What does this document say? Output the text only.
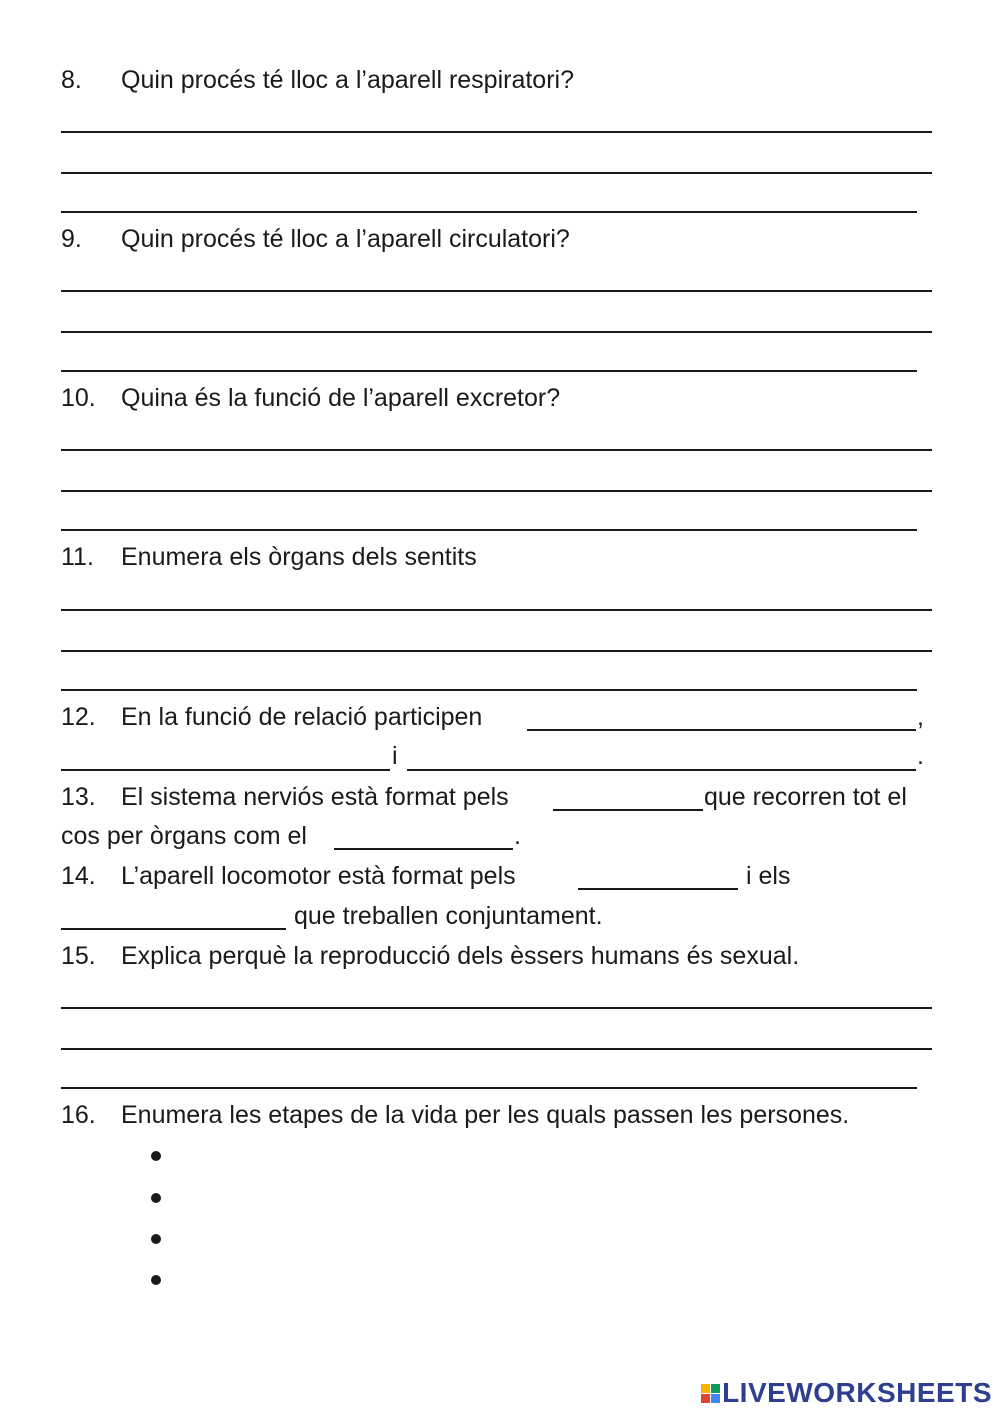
8. Quin procés té lloc a l’aparell respiratori?
9. Quin procés té lloc a l’aparell circulatori?
10. Quina és la funció de l’aparell excretor?
11. Enumera els òrgans dels sentits
12. En la funció de relació participen	,
i	.
13. El sistema nerviós està format pels	que recorren tot el
cos per òrgans com el	.
14. L’aparell locomotor està format pels	i els
que treballen conjuntament.
15. Explica perquè la reproducció dels èssers humans és sexual.
16. Enumera les etapes de la vida per les quals passen les persones.
LIVEWORKSHEETS
